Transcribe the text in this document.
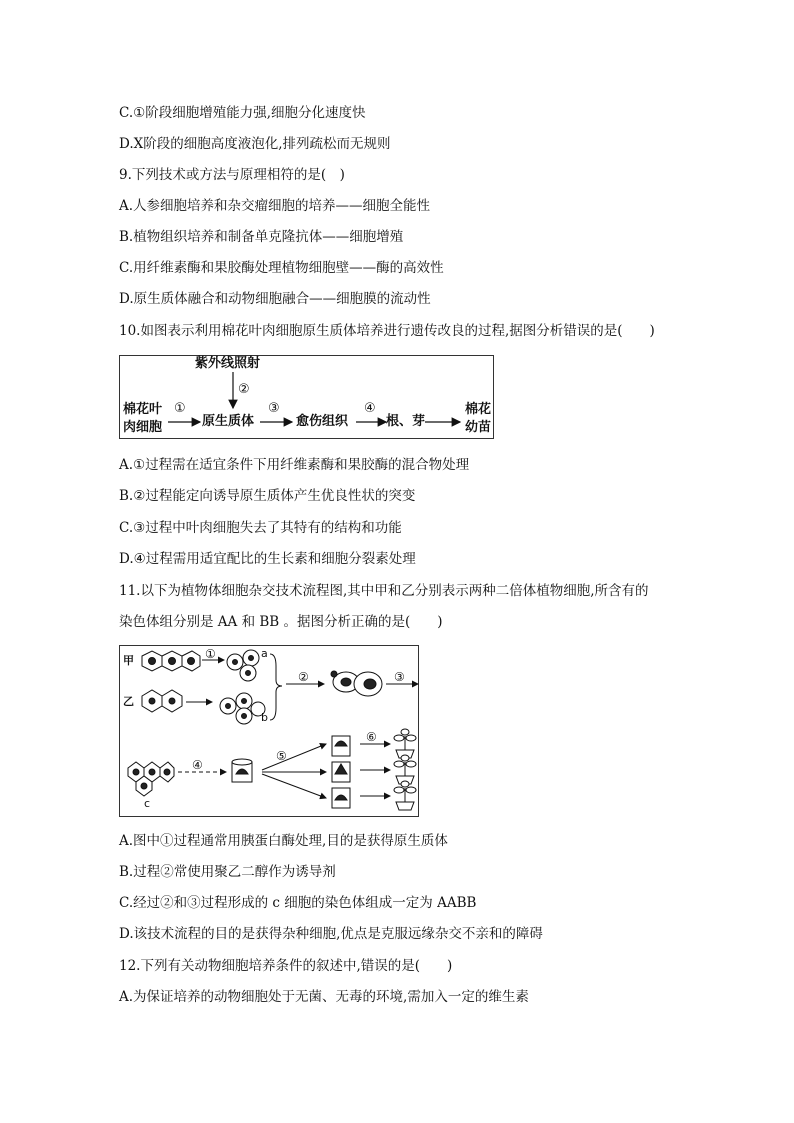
C.①阶段细胞增殖能力强,细胞分化速度快
D.X阶段的细胞高度液泡化,排列疏松而无规则
9.下列技术或方法与原理相符的是(　)
A.人参细胞培养和杂交瘤细胞的培养——细胞全能性
B.植物组织培养和制备单克隆抗体——细胞增殖
C.用纤维素酶和果胶酶处理植物细胞壁——酶的高效性
D.原生质体融合和动物细胞融合——细胞膜的流动性
10.如图表示利用棉花叶肉细胞原生质体培养进行遗传改良的过程,据图分析错误的是(　　)
紫外线照射
②
棉花叶
肉细胞
①
原生质体
③
愈伤组织
④
根、芽
棉花
幼苗
A.①过程需在适宜条件下用纤维素酶和果胶酶的混合物处理
B.②过程能定向诱导原生质体产生优良性状的突变
C.③过程中叶肉细胞失去了其特有的结构和功能
D.④过程需用适宜配比的生长素和细胞分裂素处理
11.以下为植物体细胞杂交技术流程图,其中甲和乙分别表示两种二倍体植物细胞,所含有的
染色体组分别是 AA 和 BB 。据图分析正确的是(　　)
甲
乙
a
b
c
①
②	③
④
⑤
⑥
A.图中①过程通常用胰蛋白酶处理,目的是获得原生质体
B.过程②常使用聚乙二醇作为诱导剂
C.经过②和③过程形成的 c 细胞的染色体组成一定为 AABB
D.该技术流程的目的是获得杂种细胞,优点是克服远缘杂交不亲和的障碍
12.下列有关动物细胞培养条件的叙述中,错误的是(　　)
A.为保证培养的动物细胞处于无菌、无毒的环境,需加入一定的维生素
